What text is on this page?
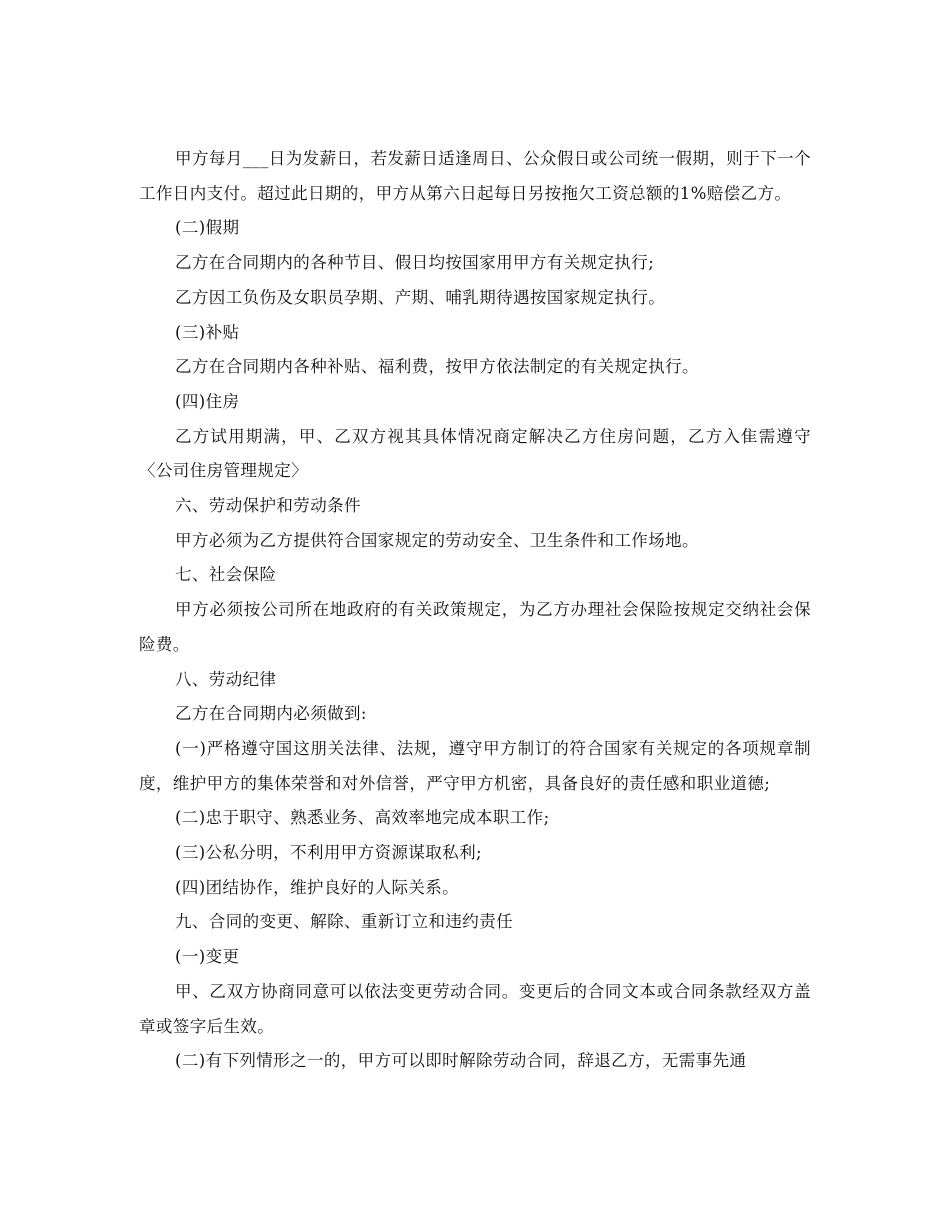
甲方每月___日为发薪日，若发薪日适逢周日、公众假日或公司统一假期，则于下一个工作日内支付。超过此日期的，甲方从第六日起每日另按拖欠工资总额的1%赔偿乙方。

(二)假期

乙方在合同期内的各种节目、假日均按国家用甲方有关规定执行;

乙方因工负伤及女职员孕期、产期、哺乳期待遇按国家规定执行。

(三)补贴

乙方在合同期内各种补贴、福利费，按甲方依法制定的有关规定执行。

(四)住房

乙方试用期满，甲、乙双方视其具体情况商定解决乙方住房问题，乙方入隹需遵守〈公司住房管理规定〉

六、劳动保护和劳动条件

甲方必须为乙方提供符合国家规定的劳动安全、卫生条件和工作场地。

七、社会保险

甲方必须按公司所在地政府的有关政策规定，为乙方办理社会保险按规定交纳社会保险费。

八、劳动纪律

乙方在合同期内必须做到:

(一)严格遵守国这朋关法律、法规，遵守甲方制订的符合国家有关规定的各项规章制度，维护甲方的集体荣誉和对外信誉，严守甲方机密，具备良好的责任感和职业道德;

(二)忠于职守、熟悉业务、高效率地完成本职工作;

(三)公私分明，不利用甲方资源谋取私利;

(四)团结协作，维护良好的人际关系。

九、合同的变更、解除、重新订立和违约责任

(一)变更

甲、乙双方协商同意可以依法变更劳动合同。变更后的合同文本或合同条款经双方盖章或签字后生效。

(二)有下列情形之一的，甲方可以即时解除劳动合同，辞退乙方，无需事先通
